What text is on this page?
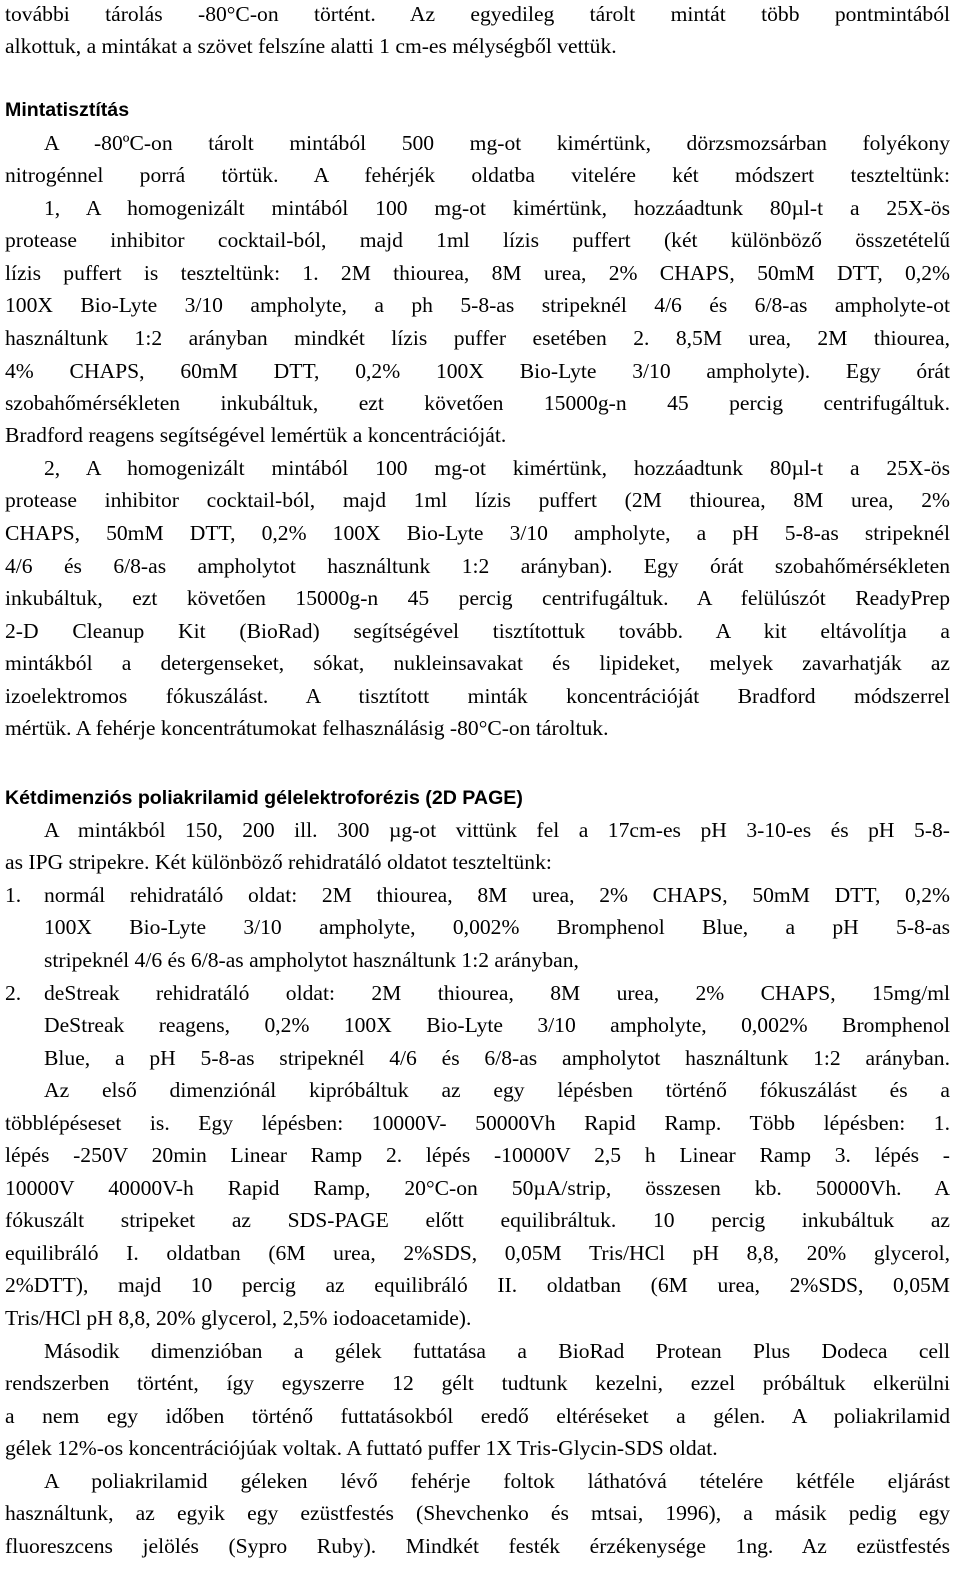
további tárolás -80°C-on történt. Az egyedileg tárolt mintát több pontmintából
alkottuk, a mintákat a szövet felszíne alatti 1 cm-es mélységből vettük.
Mintatisztítás
A -80ºC-on tárolt mintából 500 mg-ot kimértünk, dörzsmozsárban folyékony
nitrogénnel porrá törtük. A fehérjék oldatba vitelére két módszert teszteltünk:
1, A homogenizált mintából 100 mg-ot kimértünk, hozzáadtunk 80µl-t a 25X-ös
protease inhibitor cocktail-ból, majd 1ml lízis puffert (két különböző összetételű
lízis puffert is teszteltünk: 1. 2M thiourea, 8M urea, 2% CHAPS, 50mM DTT, 0,2%
100X Bio-Lyte 3/10 ampholyte, a ph 5-8-as stripeknél 4/6 és 6/8-as ampholyte-ot
használtunk 1:2 arányban mindkét lízis puffer esetében 2. 8,5M urea, 2M thiourea,
4% CHAPS, 60mM DTT, 0,2% 100X Bio-Lyte 3/10 ampholyte). Egy órát
szobahőmérsékleten inkubáltuk, ezt követően 15000g-n 45 percig centrifugáltuk.
Bradford reagens segítségével lemértük a koncentrációját.
2, A homogenizált mintából 100 mg-ot kimértünk, hozzáadtunk 80µl-t a 25X-ös
protease inhibitor cocktail-ból, majd 1ml lízis puffert (2M thiourea, 8M urea, 2%
CHAPS, 50mM DTT, 0,2% 100X Bio-Lyte 3/10 ampholyte, a pH 5-8-as stripeknél
4/6 és 6/8-as ampholytot használtunk 1:2 arányban). Egy órát szobahőmérsékleten
inkubáltuk, ezt követően 15000g-n 45 percig centrifugáltuk. A felülúszót ReadyPrep
2-D Cleanup Kit (BioRad) segítségével tisztítottuk tovább. A kit eltávolítja a
mintákból a detergenseket, sókat, nukleinsavakat és lipideket, melyek zavarhatják az
izoelektromos fókuszálást. A tisztított minták koncentrációját Bradford módszerrel
mértük. A fehérje koncentrátumokat felhasználásig -80°C-on tároltuk.
Kétdimenziós poliakrilamid gélelektroforézis (2D PAGE)
A mintákból 150, 200 ill. 300 µg-ot vittünk fel a 17cm-es pH 3-10-es és pH 5-8-
as IPG stripekre. Két különböző rehidratáló oldatot teszteltünk:
1.	normál rehidratáló oldat: 2M thiourea, 8M urea, 2% CHAPS, 50mM DTT, 0,2%
100X Bio-Lyte 3/10 ampholyte, 0,002% Bromphenol Blue, a pH 5-8-as
stripeknél 4/6 és 6/8-as ampholytot használtunk 1:2 arányban,
2.	deStreak rehidratáló oldat: 2M thiourea, 8M urea, 2% CHAPS, 15mg/ml
DeStreak reagens, 0,2% 100X Bio-Lyte 3/10 ampholyte, 0,002% Bromphenol
Blue, a pH 5-8-as stripeknél 4/6 és 6/8-as ampholytot használtunk 1:2 arányban.
Az első dimenziónál kipróbáltuk az egy lépésben történő fókuszálást és a
többlépéseset is. Egy lépésben: 10000V- 50000Vh Rapid Ramp. Több lépésben: 1.
lépés -250V 20min Linear Ramp 2. lépés -10000V 2,5 h Linear Ramp 3. lépés -
10000V 40000V-h Rapid Ramp, 20°C-on 50µA/strip, összesen kb. 50000Vh. A
fókuszált stripeket az SDS-PAGE előtt equilibráltuk. 10 percig inkubáltuk az
equilibráló I. oldatban (6M urea, 2%SDS, 0,05M Tris/HCl pH 8,8, 20% glycerol,
2%DTT), majd 10 percig az equilibráló II. oldatban (6M urea, 2%SDS, 0,05M
Tris/HCl pH 8,8, 20% glycerol, 2,5% iodoacetamide).
Második dimenzióban a gélek futtatása a BioRad Protean Plus Dodeca cell
rendszerben történt, így egyszerre 12 gélt tudtunk kezelni, ezzel próbáltuk elkerülni
a nem egy időben történő futtatásokból eredő eltéréseket a gélen. A poliakrilamid
gélek 12%-os koncentrációjúak voltak. A futtató puffer 1X Tris-Glycin-SDS oldat.
A poliakrilamid géleken lévő fehérje foltok láthatóvá tételére kétféle eljárást
használtunk, az egyik egy ezüstfestés (Shevchenko és mtsai, 1996), a másik pedig egy
fluoreszcens jelölés (Sypro Ruby). Mindkét festék érzékenysége 1ng. Az ezüstfestés
